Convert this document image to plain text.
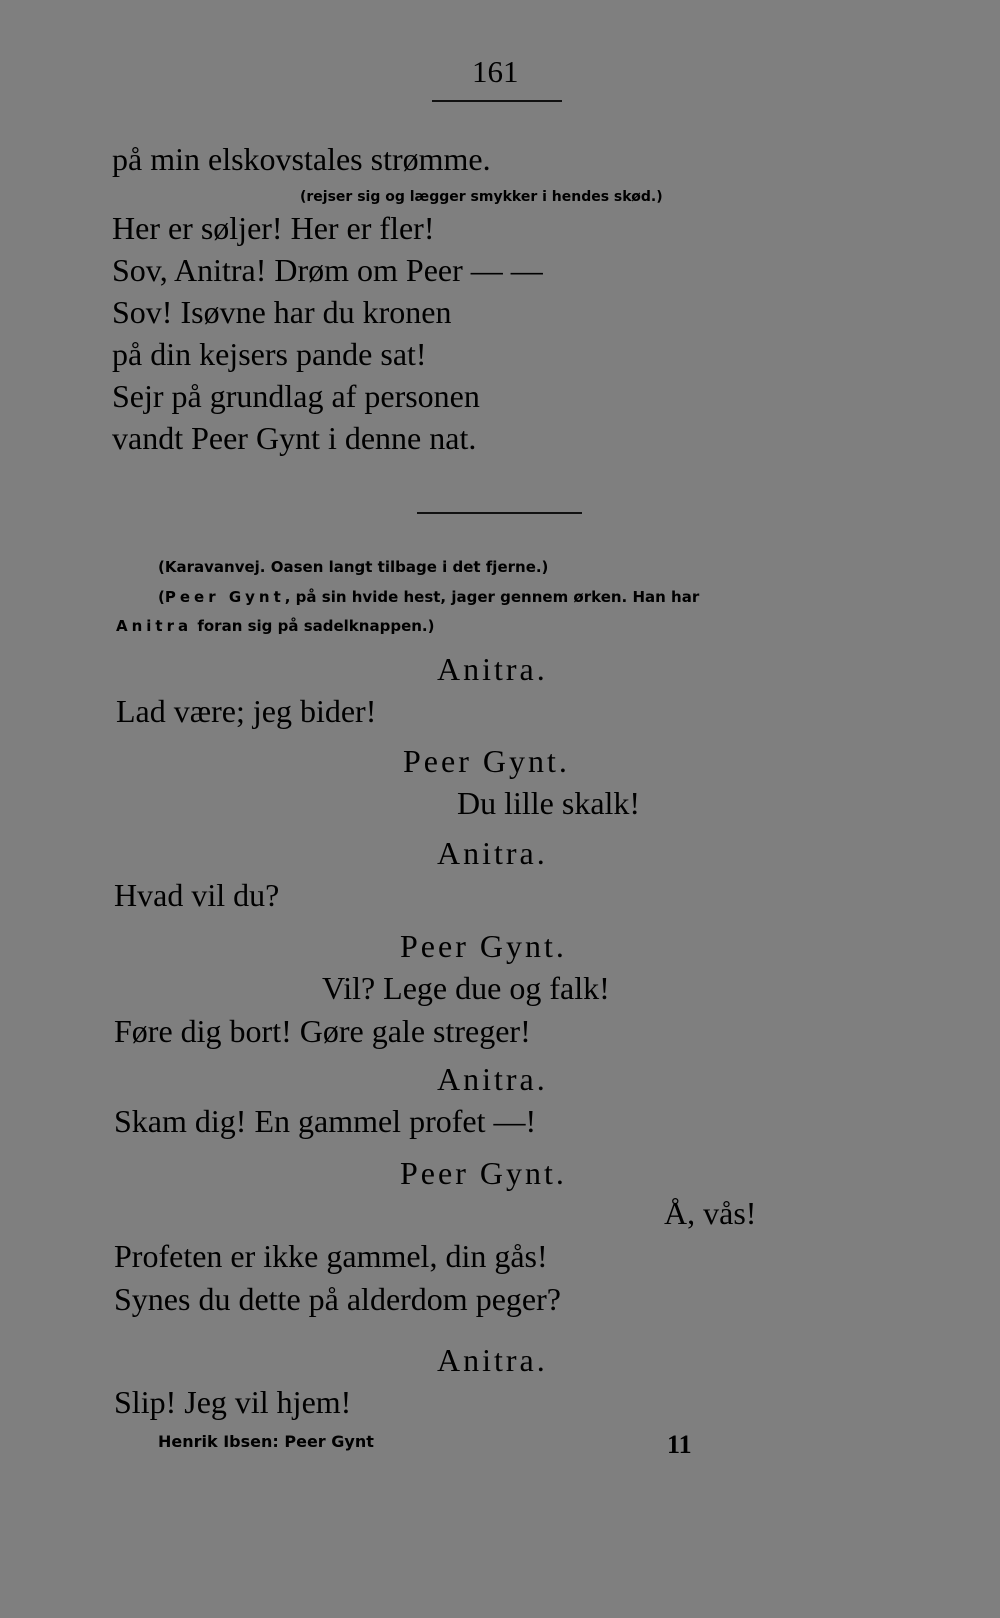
161
på min elskovstales strømme.
(rejser sig og lægger smykker i hendes skød.)
Her er søljer! Her er fler!
Sov, Anitra! Drøm om Peer — —
Sov! Isøvne har du kronen
på din kejsers pande sat!
Sejr på grundlag af personen
vandt Peer Gynt i denne nat.
(Karavanvej. Oasen langt tilbage i det fjerne.)
(Peer Gynt, på sin hvide hest, jager gennem ørken. Han har
Anitra foran sig på sadelknappen.)
Anitra.
Lad være; jeg bider!
Peer Gynt.
Du lille skalk!
Anitra.
Hvad vil du?
Peer Gynt.
Vil? Lege due og falk!
Føre dig bort! Gøre gale streger!
Anitra.
Skam dig! En gammel profet —!
Peer Gynt.
Å, vås!
Profeten er ikke gammel, din gås!
Synes du dette på alderdom peger?
Anitra.
Slip! Jeg vil hjem!
Henrik Ibsen: Peer Gynt	11
